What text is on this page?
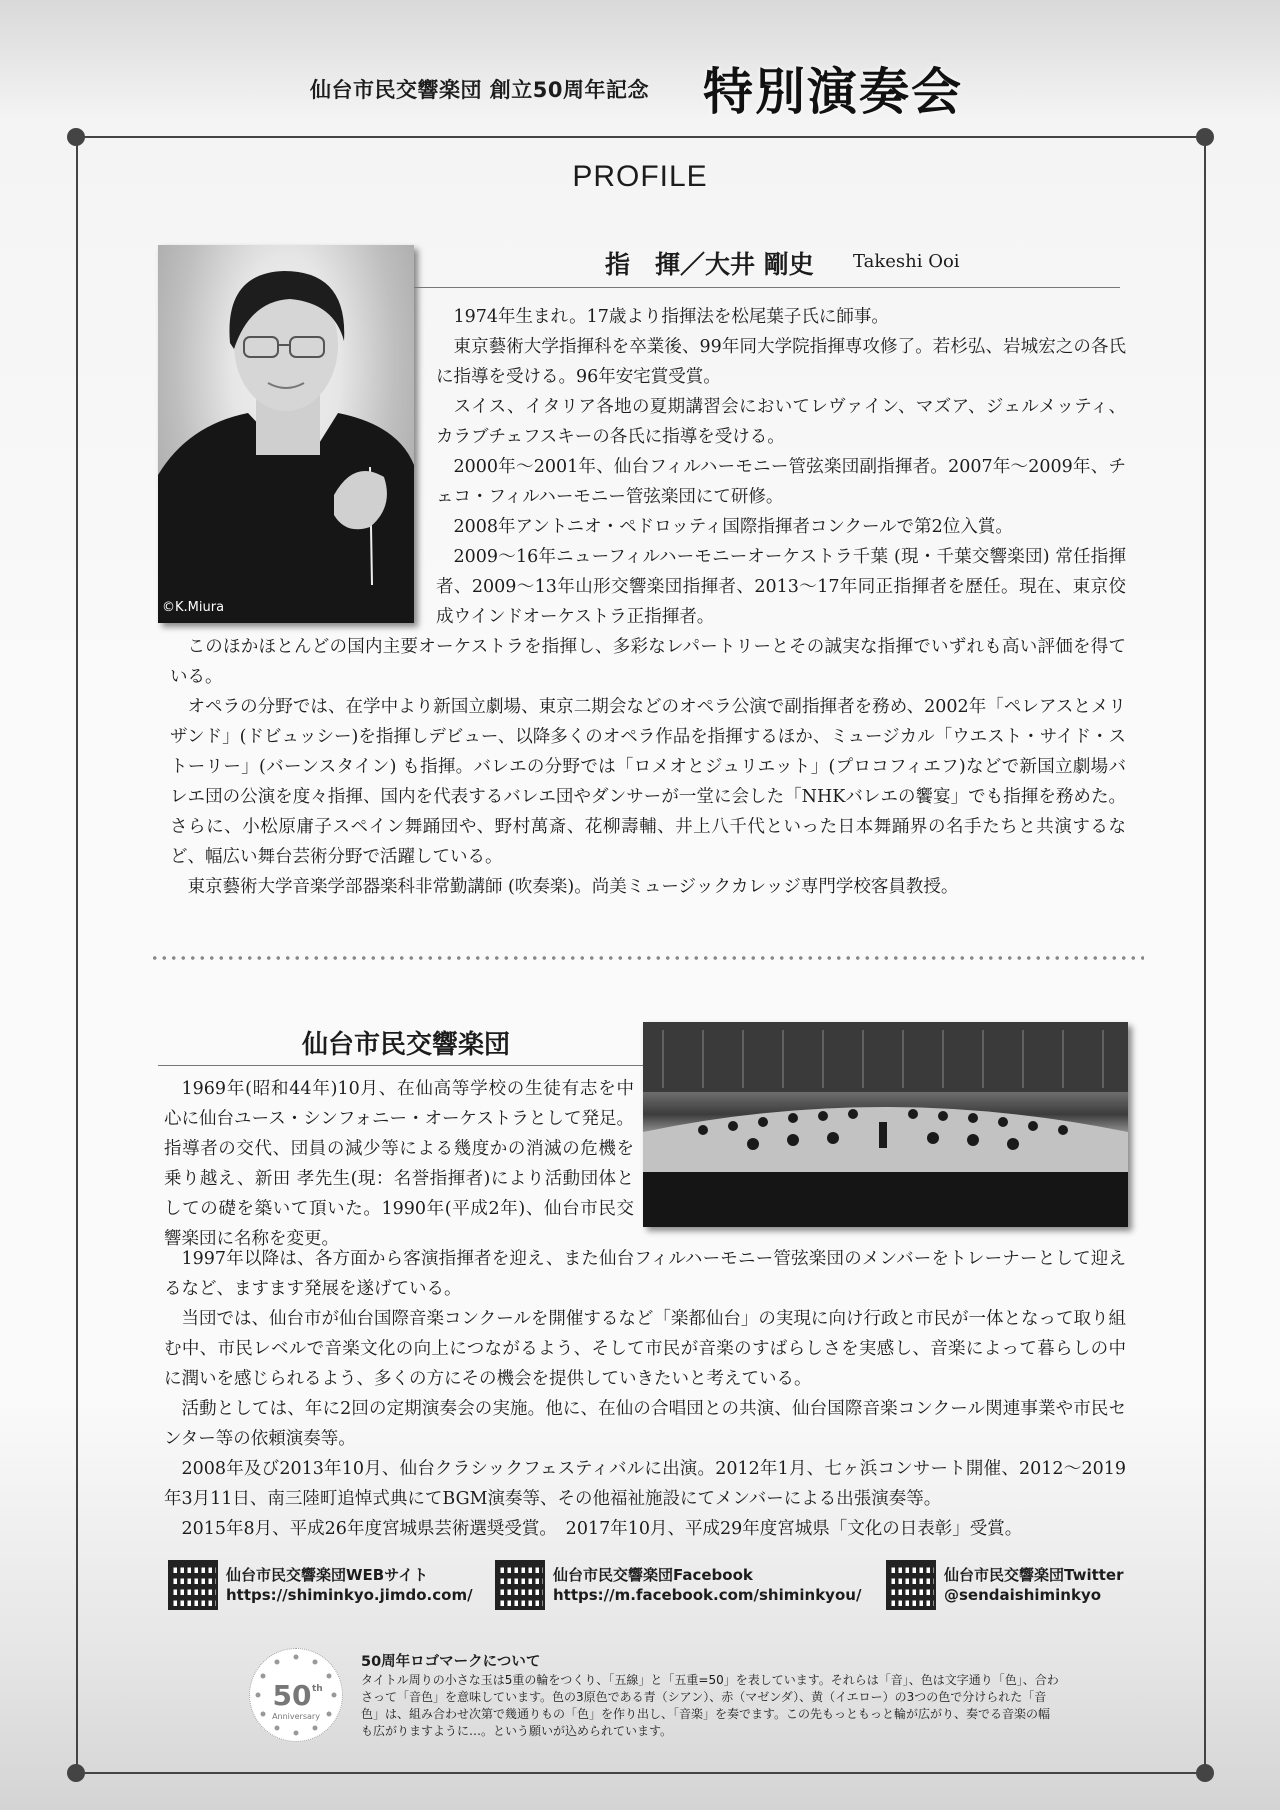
仙台市民交響楽団 創立50周年記念 特別演奏会
PROFILE
©K.Miura
指　揮／大井 剛史 Takeshi Ooi

1974年生まれ。17歳より指揮法を松尾葉子氏に師事。

東京藝術大学指揮科を卒業後、99年同大学院指揮専攻修了。若杉弘、岩城宏之の各氏に指導を受ける。96年安宅賞受賞。

スイス、イタリア各地の夏期講習会においてレヴァイン、マズア、ジェルメッティ、カラブチェフスキーの各氏に指導を受ける。

2000年〜2001年、仙台フィルハーモニー管弦楽団副指揮者。2007年〜2009年、チェコ・フィルハーモニー管弦楽団にて研修。

2008年アントニオ・ペドロッティ国際指揮者コンクールで第2位入賞。

2009〜16年ニューフィルハーモニーオーケストラ千葉 (現・千葉交響楽団) 常任指揮者、2009〜13年山形交響楽団指揮者、2013〜17年同正指揮者を歴任。現在、東京佼成ウインドオーケストラ正指揮者。

このほかほとんどの国内主要オーケストラを指揮し、多彩なレパートリーとその誠実な指揮でいずれも高い評価を得ている。

オペラの分野では、在学中より新国立劇場、東京二期会などのオペラ公演で副指揮者を務め、2002年「ペレアスとメリザンド」(ドビュッシー)を指揮しデビュー、以降多くのオペラ作品を指揮するほか、ミュージカル「ウエスト・サイド・ストーリー」(バーンスタイン) も指揮。バレエの分野では「ロメオとジュリエット」(プロコフィエフ)などで新国立劇場バレエ団の公演を度々指揮、国内を代表するバレエ団やダンサーが一堂に会した「NHKバレエの饗宴」でも指揮を務めた。さらに、小松原庸子スペイン舞踊団や、野村萬斎、花柳壽輔、井上八千代といった日本舞踊界の名手たちと共演するなど、幅広い舞台芸術分野で活躍している。

東京藝術大学音楽学部器楽科非常勤講師 (吹奏楽)。尚美ミュージックカレッジ専門学校客員教授。

仙台市民交響楽団

1969年(昭和44年)10月、在仙高等学校の生徒有志を中心に仙台ユース・シンフォニー・オーケストラとして発足。指導者の交代、団員の減少等による幾度かの消滅の危機を乗り越え、新田 孝先生(現：名誉指揮者)により活動団体としての礎を築いて頂いた。1990年(平成2年)、仙台市民交響楽団に名称を変更。

1997年以降は、各方面から客演指揮者を迎え、また仙台フィルハーモニー管弦楽団のメンバーをトレーナーとして迎えるなど、ますます発展を遂げている。

当団では、仙台市が仙台国際音楽コンクールを開催するなど「楽都仙台」の実現に向け行政と市民が一体となって取り組む中、市民レベルで音楽文化の向上につながるよう、そして市民が音楽のすばらしさを実感し、音楽によって暮らしの中に潤いを感じられるよう、多くの方にその機会を提供していきたいと考えている。

活動としては、年に2回の定期演奏会の実施。他に、在仙の合唱団との共演、仙台国際音楽コンクール関連事業や市民センター等の依頼演奏等。

2008年及び2013年10月、仙台クラシックフェスティバルに出演。2012年1月、七ヶ浜コンサート開催、2012〜2019年3月11日、南三陸町追悼式典にてBGM演奏等、その他福祉施設にてメンバーによる出張演奏等。

2015年8月、平成26年度宮城県芸術選奨受賞。　2017年10月、平成29年度宮城県「文化の日表彰」受賞。

仙台市民交響楽団WEBサイト
https://shiminkyo.jimdo.com/
仙台市民交響楽団Facebook
https://m.facebook.com/shiminkyou/
仙台市民交響楽団Twitter
@sendaishiminkyo
50 th
Anniversary
50周年ロゴマークについて

タイトル周りの小さな玉は5重の輪をつくり、「五線」と「五重=50」を表しています。それらは「音」、色は文字通り「色」、合わさって「音色」を意味しています。色の3原色である青（シアン）、赤（マゼンダ）、黄（イエロー）の3つの色で分けられた「音色」は、組み合わせ次第で幾通りもの「色」を作り出し、「音楽」を奏でます。この先もっともっと輪が広がり、奏でる音楽の幅も広がりますように…。という願いが込められています。
